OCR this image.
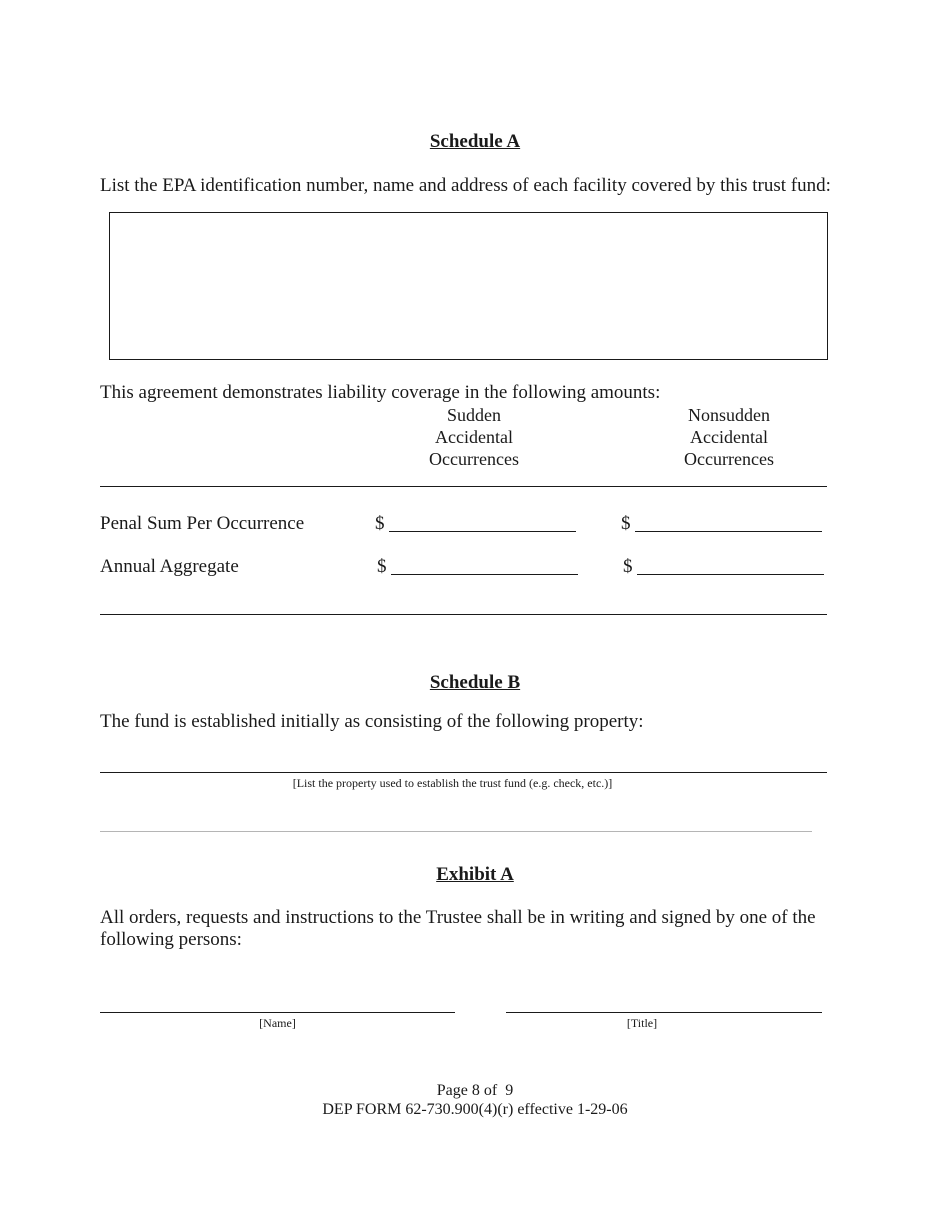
Schedule A
List the EPA identification number, name and address of each facility covered by this trust fund:
This agreement demonstrates liability coverage in the following amounts:
Sudden
Accidental
Occurrences
Nonsudden
Accidental
Occurrences
Penal Sum Per Occurrence	$	$
Annual Aggregate	$	$
Schedule B
The fund is established initially as consisting of the following property:
[List the property used to establish the trust fund (e.g. check, etc.)]
Exhibit A
All orders, requests and instructions to the Trustee shall be in writing and signed by one of the
following persons:
[Name]	[Title]
Page 8 of  9
DEP FORM 62-730.900(4)(r) effective 1-29-06
